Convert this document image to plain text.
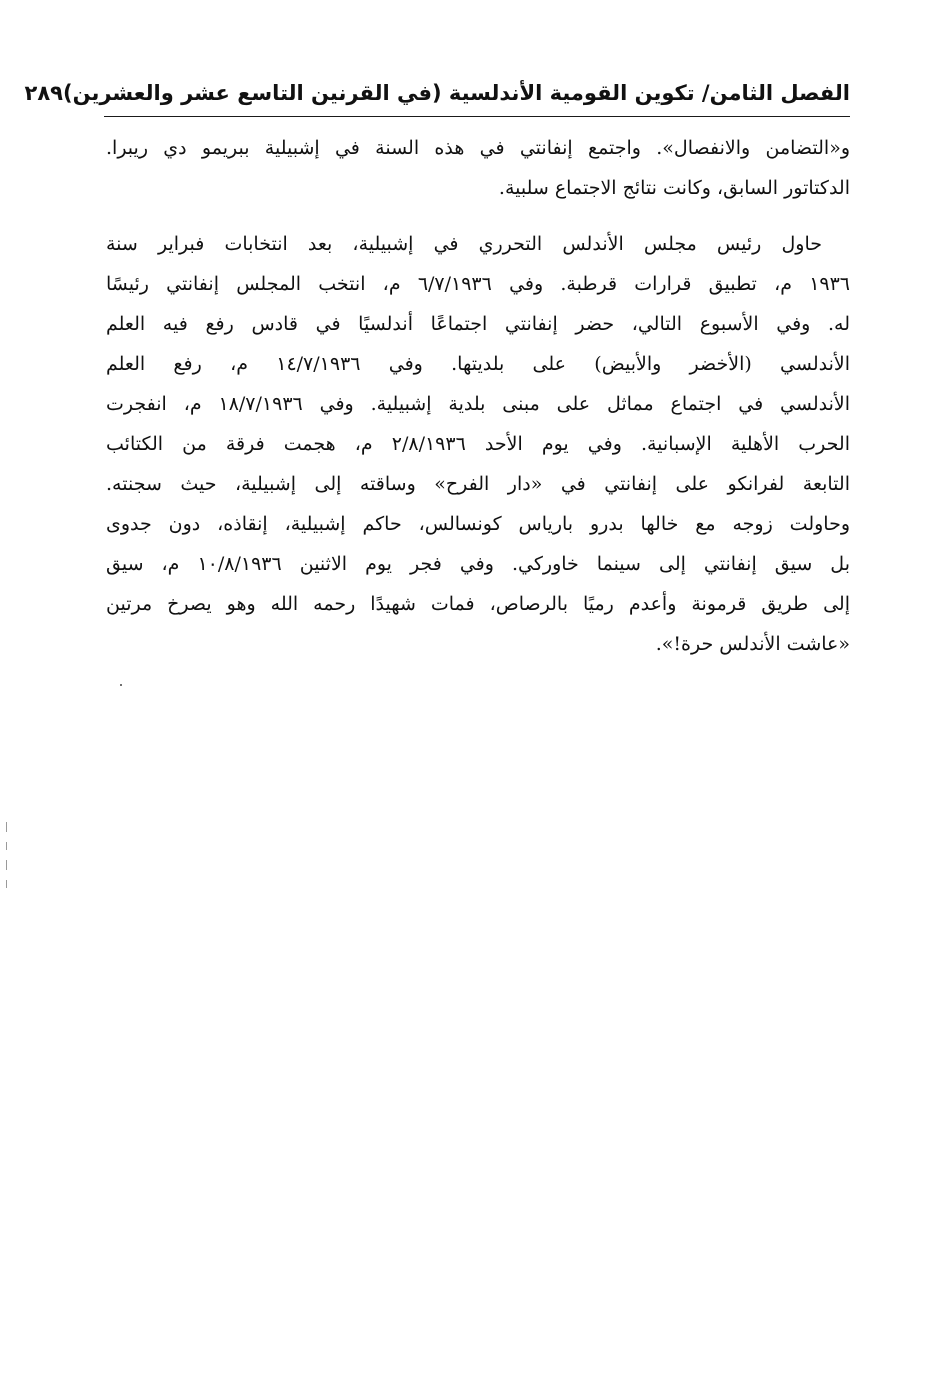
الفصل الثامن/ تكوين القومية الأندلسية (في القرنين التاسع عشر والعشرين)
٢٨٩

و«التضامن والانفصال». واجتمع إنفانتي في هذه السنة في إشبيلية ببريمو دي ريبرا.
الدكتاتور السابق، وكانت نتائج الاجتماع سلبية.

حاول رئيس مجلس الأندلس التحرري في إشبيلية، بعد انتخابات فبراير سنة
١٩٣٦ م، تطبيق قرارات قرطبة. وفي ٦/٧/١٩٣٦ م، انتخب المجلس إنفانتي رئيسًا
له. وفي الأسبوع التالي، حضر إنفانتي اجتماعًا أندلسيًا في قادس رفع فيه العلم
الأندلسي (الأخضر والأبيض) على بلديتها. وفي ١٤/٧/١٩٣٦ م، رفع العلم
الأندلسي في اجتماع مماثل على مبنى بلدية إشبيلية. وفي ١٨/٧/١٩٣٦ م، انفجرت
الحرب الأهلية الإسبانية. وفي يوم الأحد ٢/٨/١٩٣٦ م، هجمت فرقة من الكتائب
التابعة لفرانكو على إنفانتي في «دار الفرح» وساقته إلى إشبيلية، حيث سجنته.
وحاولت زوجه مع خالها بدرو بارياس كونسالس، حاكم إشبيلية، إنقاذه، دون جدوى
بل سيق إنفانتي إلى سينما خاوركي. وفي فجر يوم الاثنين ١٠/٨/١٩٣٦ م، سيق
إلى طريق قرمونة وأعدم رميًا بالرصاص، فمات شهيدًا رحمه الله وهو يصرخ مرتين
«عاشت الأندلس حرة!».
